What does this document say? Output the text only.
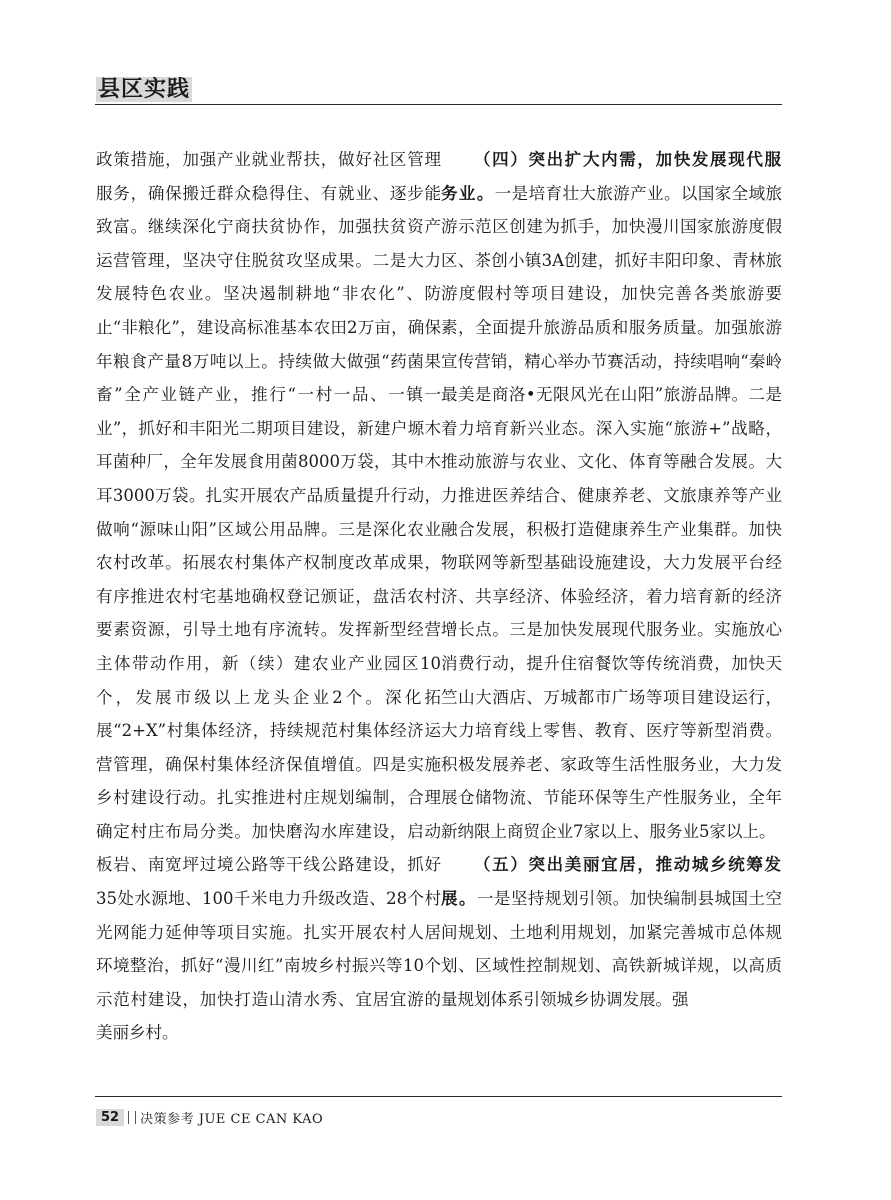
县区实践

政策措施，加强产业就业帮扶，做好社区管理服务，确保搬迁群众稳得住、有就业、逐步能致富。继续深化宁商扶贫协作，加强扶贫资产运营管理，坚决守住脱贫攻坚成果。二是大力发展特色农业。坚决遏制耕地“非农化”、防止“非粮化”，建设高标准基本农田2万亩，确保年粮食产量8万吨以上。持续做大做强“药菌果畜”全产业链产业，推行“一村一品、一镇一业”，抓好和丰阳光二期项目建设，新建户塬木耳菌种厂，全年发展食用菌8000万袋，其中木耳3000万袋。扎实开展农产品质量提升行动，做响“源味山阳”区域公用品牌。三是深化农业农村改革。拓展农村集体产权制度改革成果，有序推进农村宅基地确权登记颁证，盘活农村要素资源，引导土地有序流转。发挥新型经营主体带动作用，新（续）建农业产业园区10个，发展市级以上龙头企业2个。深化拓展“2+X”村集体经济，持续规范村集体经济运营管理，确保村集体经济保值增值。四是实施乡村建设行动。扎实推进村庄规划编制，合理确定村庄布局分类。加快磨沟水库建设，启动板岩、南宽坪过境公路等干线公路建设，抓好35处水源地、100千米电力升级改造、28个村光网能力延伸等项目实施。扎实开展农村人居环境整治，抓好“漫川红”南坡乡村振兴等10个示范村建设，加快打造山清水秀、宜居宜游的美丽乡村。

（四）突出扩大内需，加快发展现代服务业。一是培育壮大旅游产业。以国家全域旅游示范区创建为抓手，加快漫川国家旅游度假区、茶创小镇3A创建，抓好丰阳印象、青林旅游度假村等项目建设，加快完善各类旅游要素，全面提升旅游品质和服务质量。加强旅游宣传营销，精心举办节赛活动，持续唱响“秦岭最美是商洛•无限风光在山阳”旅游品牌。二是着力培育新兴业态。深入实施“旅游+”战略，推动旅游与农业、文化、体育等融合发展。大力推进医养结合、健康养老、文旅康养等产业融合发展，积极打造健康养生产业集群。加快物联网等新型基础设施建设，大力发展平台经济、共享经济、体验经济，着力培育新的经济增长点。三是加快发展现代服务业。实施放心消费行动，提升住宿餐饮等传统消费，加快天竺山大酒店、万城都市广场等项目建设运行，大力培育线上零售、教育、医疗等新型消费。积极发展养老、家政等生活性服务业，大力发展仓储物流、节能环保等生产性服务业，全年新纳限上商贸企业7家以上、服务业5家以上。

（五）突出美丽宜居，推动城乡统筹发展。一是坚持规划引领。加快编制县城国土空间规划、土地利用规划，加紧完善城市总体规划、区域性控制规划、高铁新城详规，以高质量规划体系引领城乡协调发展。强

52	决策参考 JUE CE CAN KAO
